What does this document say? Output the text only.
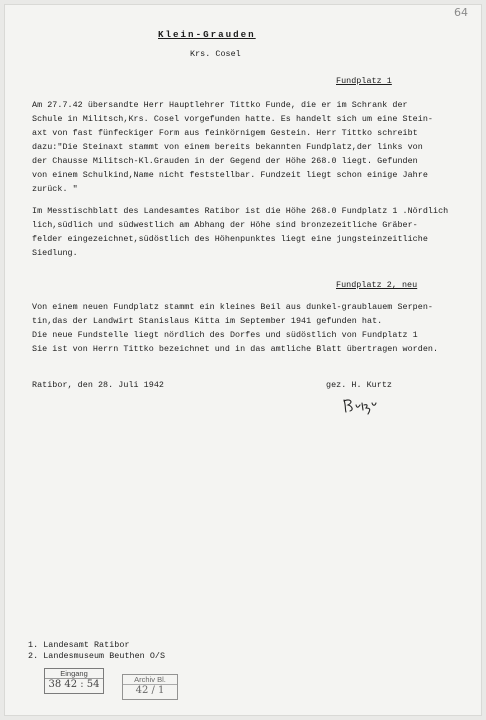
64
Klein-Grauden
Krs. Cosel
Fundplatz 1
Am 27.7.42 übersandte Herr Hauptlehrer Tittko Funde, die er im Schrank der
Schule in Militsch,Krs. Cosel vorgefunden hatte. Es handelt sich um eine Stein-
axt von fast fünfeckiger Form aus feinkörnigem Gestein. Herr Tittko schreibt
dazu:"Die Steinaxt stammt von einem bereits bekannten Fundplatz,der links von
der Chausse Militsch-Kl.Grauden in der Gegend der Höhe 268.0 liegt. Gefunden
von einem Schulkind,Name nicht feststellbar. Fundzeit liegt schon einige Jahre
zurück. "
Im Messtischblatt des Landesamtes Ratibor ist die Höhe 268.0 Fundplatz 1 .Nördlich
lich,südlich und südwestlich am Abhang der Höhe sind bronzezeitliche Gräber-
felder eingezeichnet,südöstlich des Höhenpunktes liegt eine jungsteinzeitliche
Siedlung.
Fundplatz 2, neu
Von einem neuen Fundplatz stammt ein kleines Beil aus dunkel-graublauem Serpen-
tin,das der Landwirt Stanislaus Kitta im September 1941 gefunden hat.
Die neue Fundstelle liegt nördlich des Dorfes und südöstlich von Fundplatz 1
Sie ist von Herrn Tittko bezeichnet und in das amtliche Blatt übertragen worden.
Ratibor, den 28. Juli 1942	gez. H. Kurtz
1. Landesamt Ratibor
2. Landesmuseum Beuthen O/S
Eingang
38 42 : 54	Archiv Bl.
42 / 1
